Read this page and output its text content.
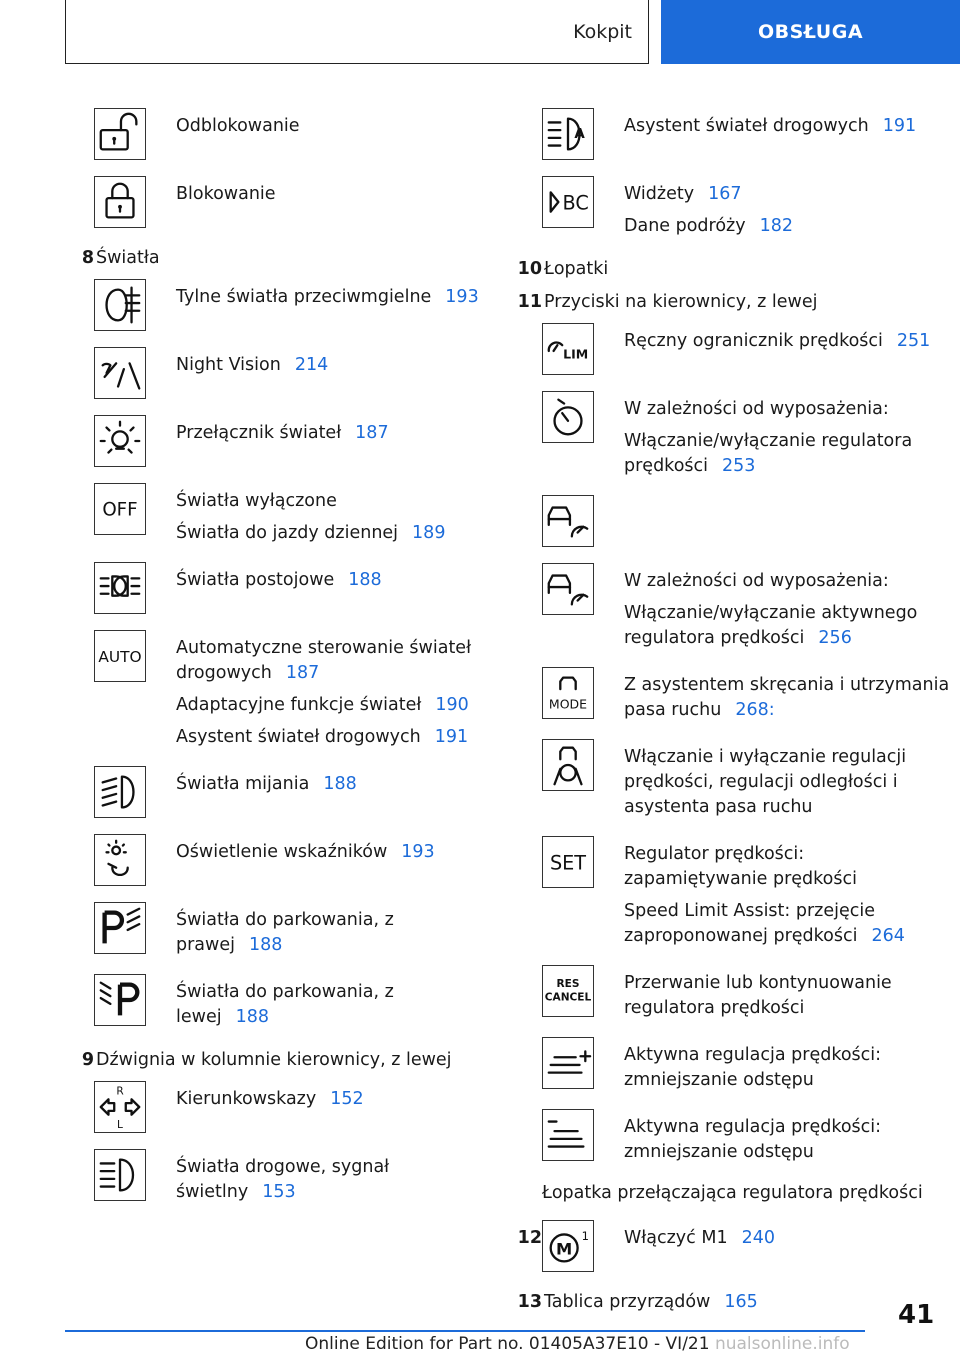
Kokpit	OBSŁUGA
Odblokowanie
Blokowanie
8 Światła
Tylne światła przeciwmgielne 193
Night Vision 214
Przełącznik świateł 187
OFF Światła wyłączone
Światła do jazdy dziennej 189
Światła postojowe 188
AUTO Automatyczne sterowanie świateł drogowych 187
Adaptacyjne funkcje świateł 190
Asystent świateł drogowych 191
Światła mijania 188
Oświetlenie wskaźników 193
Światła do parkowania, z prawej 188
Światła do parkowania, z lewej 188
9 Dźwignia w kolumnie kierownicy, z lewej
R
L
Kierunkowskazy 152
Światła drogowe, sygnał świetlny 153
A Asystent świateł drogowych 191
BC Widżety 167
Dane podróży 182
10 Łopatki
11 Przyciski na kierownicy, z lewej
LIM
Ręczny ogranicznik prędkości 251
W zależności od wyposażenia:
Włączanie/wyłączanie regulatora prędkości 253
W zależności od wyposażenia:
Włączanie/wyłączanie aktywnego regulatora prędkości 256
MODE
Z asystentem skręcania i utrzymania pasa ruchu 268:
Włączanie i wyłączanie regulacji prędkości, regulacji odległości i asystenta pasa ruchu
SET Regulator prędkości: zapamiętywanie prędkości
Speed Limit Assist: przejęcie zaproponowanej prędkości 264
RES
CANCEL
Przerwanie lub kontynuowanie regulatora prędkości
Aktywna regulacja prędkości: zmniejszanie odstępu
Aktywna regulacja prędkości: zmniejszanie odstępu
Łopatka przełączająca regulatora prędkości
12
M
1 Włączyć M1 240
13 Tablica przyrządów 165	41
Online Edition for Part no. 01405A37E10 - VI/21 nualsonline.info
